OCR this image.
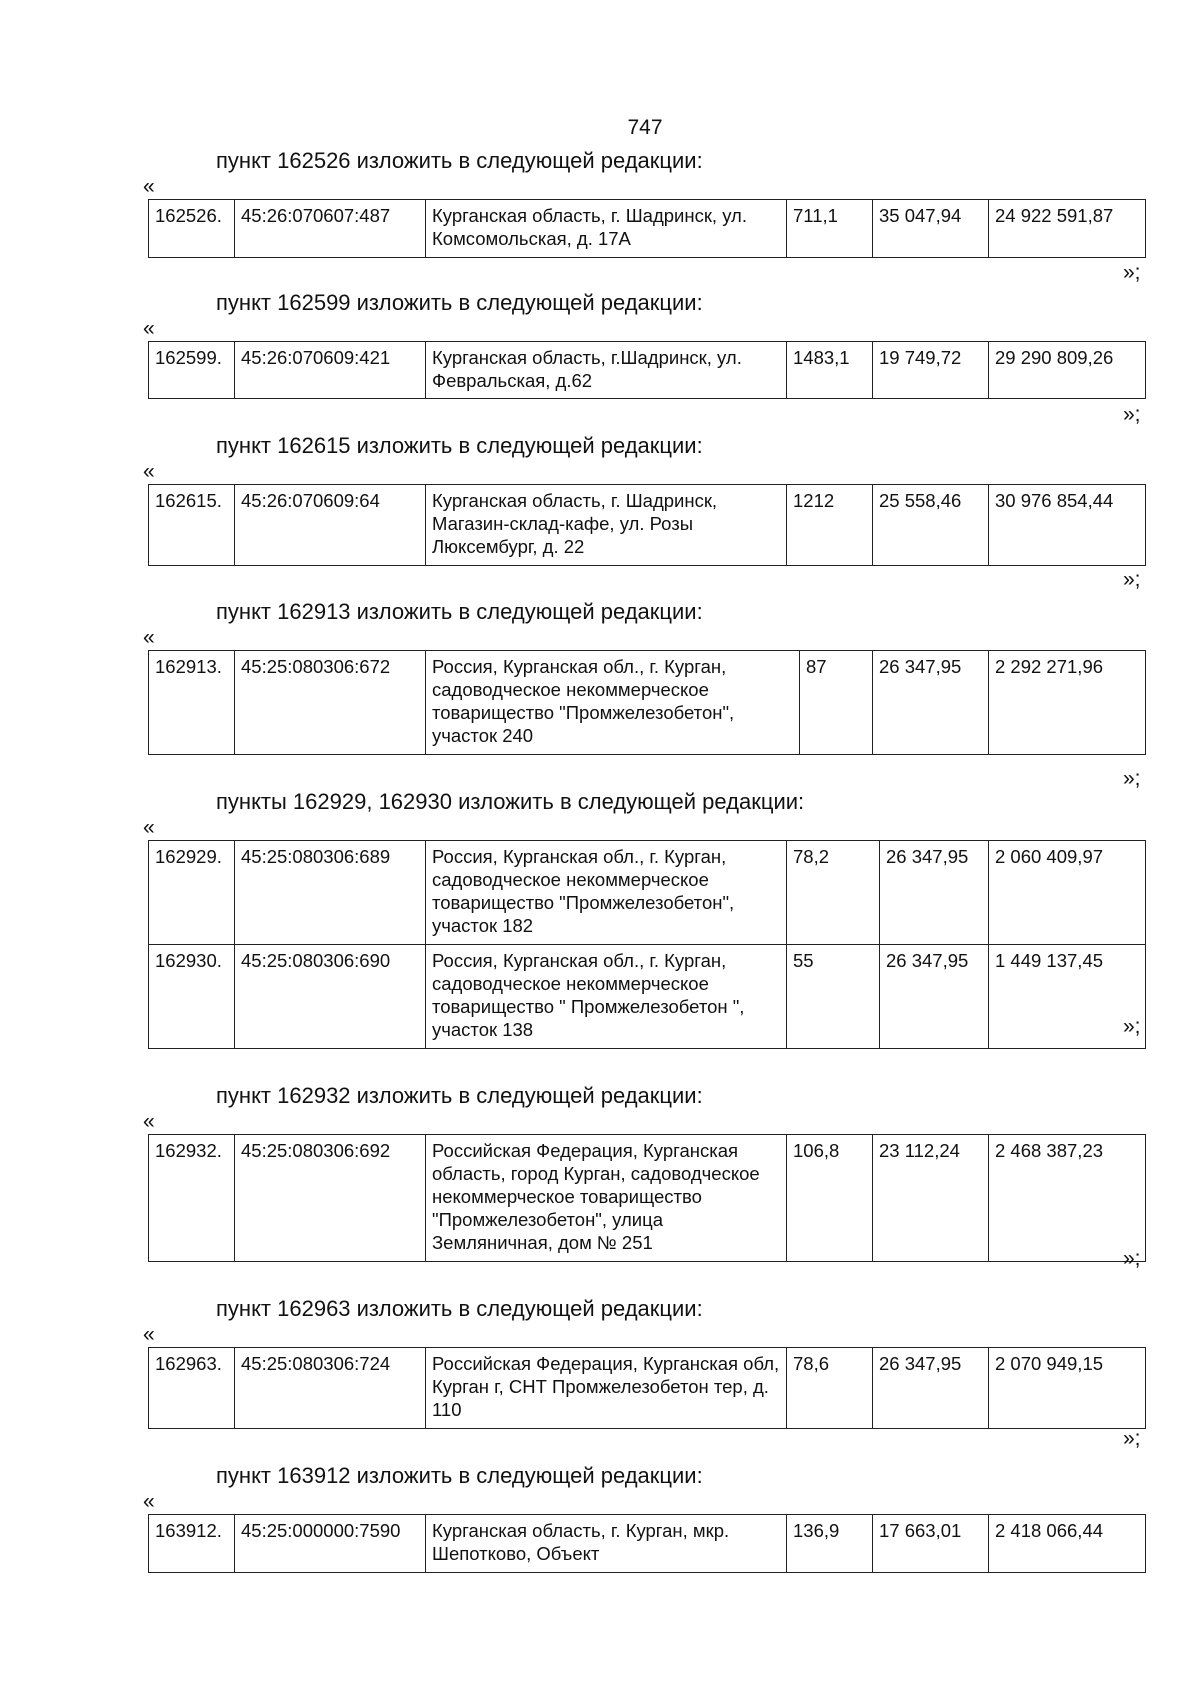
747
пункт 162526 изложить в следующей редакции:
«
162526.	45:26:070607:487	Курганская область, г. Шадринск, ул. Комсомольская, д. 17А	711,1	35 047,94	24 922 591,87
»;
пункт 162599 изложить в следующей редакции:
«
162599.	45:26:070609:421	Курганская область, г.Шадринск, ул. Февральская, д.62	1483,1	19 749,72	29 290 809,26
»;
пункт 162615 изложить в следующей редакции:
«
162615.	45:26:070609:64	Курганская область, г. Шадринск, Магазин-склад-кафе, ул. Розы Люксембург, д. 22	1212	25 558,46	30 976 854,44
»;
пункт 162913 изложить в следующей редакции:
«
162913.	45:25:080306:672	Россия, Курганская обл., г. Курган, садоводческое некоммерческое товарищество "Промжелезобетон", участок 240	87	26 347,95	2 292 271,96
»;
пункты 162929, 162930 изложить в следующей редакции:
«
162929.	45:25:080306:689	Россия, Курганская обл., г. Курган, садоводческое некоммерческое товарищество "Промжелезобетон", участок 182	78,2	26 347,95	2 060 409,97
162930.	45:25:080306:690	Россия, Курганская обл., г. Курган, садоводческое некоммерческое товарищество " Промжелезобетон ", участок 138	55	26 347,95	1 449 137,45
»;
пункт 162932 изложить в следующей редакции:
«
162932.	45:25:080306:692	Российская Федерация, Курганская область, город Курган, садоводческое некоммерческое товарищество "Промжелезобетон", улица Земляничная, дом № 251	106,8	23 112,24	2 468 387,23
»;
пункт 162963 изложить в следующей редакции:
«
162963.	45:25:080306:724	Российская Федерация, Курганская обл, Курган г, СНТ Промжелезобетон тер, д. 110	78,6	26 347,95	2 070 949,15
»;
пункт 163912 изложить в следующей редакции:
«
163912.	45:25:000000:7590	Курганская область, г. Курган, мкр. Шепотково, Объект	136,9	17 663,01	2 418 066,44
